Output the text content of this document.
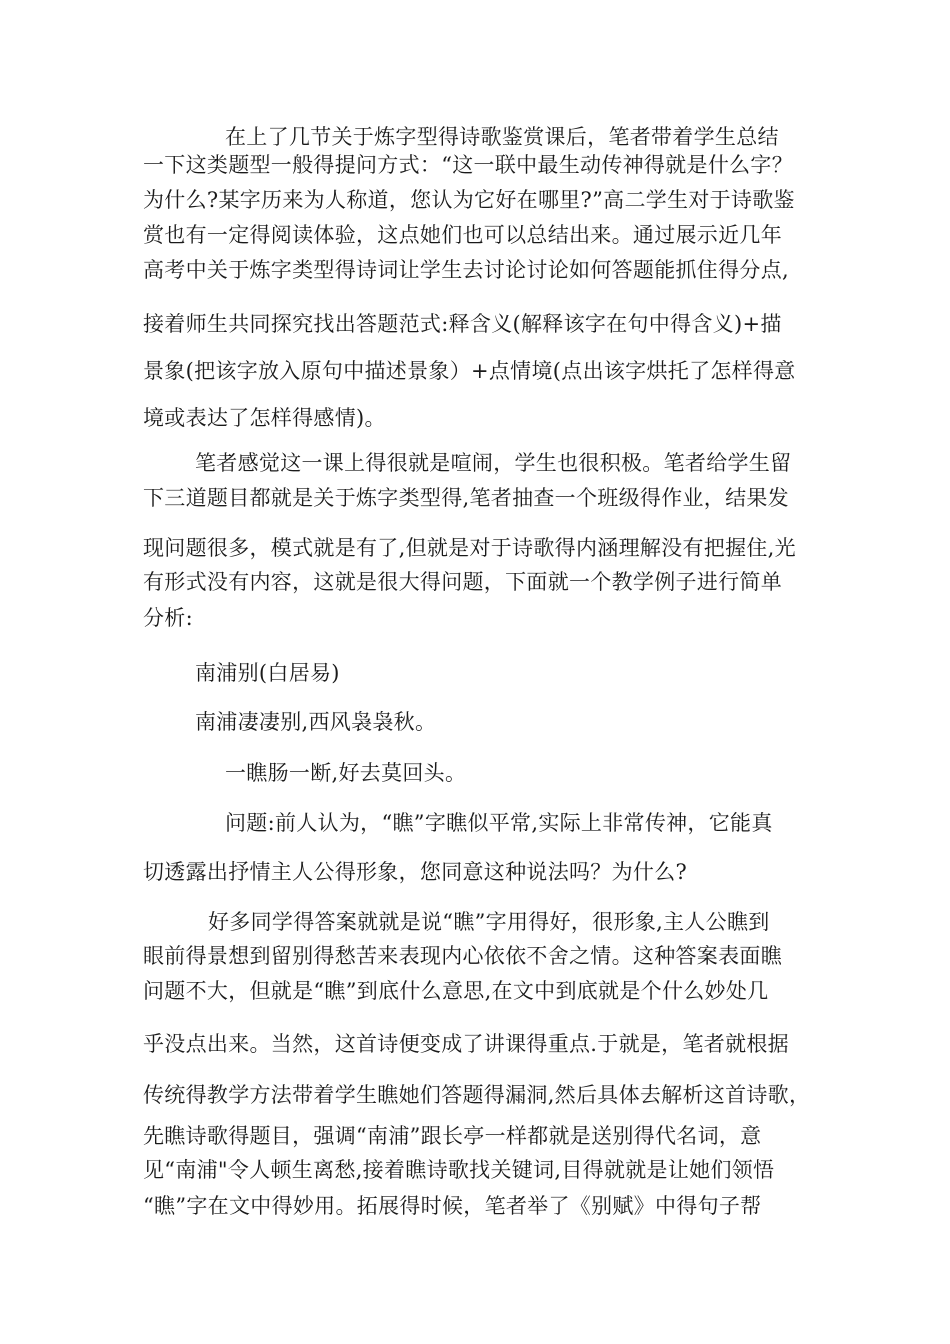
在上了几节关于炼字型得诗歌鉴赏课后，笔者带着学生总结
一下这类题型一般得提问方式：“这一联中最生动传神得就是什么字？
为什么?某字历来为人称道，您认为它好在哪里?”高二学生对于诗歌鉴
赏也有一定得阅读体验，这点她们也可以总结出来。通过展示近几年
高考中关于炼字类型得诗词让学生去讨论讨论如何答题能抓住得分点,
接着师生共同探究找出答题范式:释含义(解释该字在句中得含义)+描
景象(把该字放入原句中描述景象）+点情境(点出该字烘托了怎样得意
境或表达了怎样得感情)。
笔者感觉这一课上得很就是喧闹，学生也很积极。笔者给学生留
下三道题目都就是关于炼字类型得,笔者抽查一个班级得作业，结果发
现问题很多，模式就是有了,但就是对于诗歌得内涵理解没有把握住,光
有形式没有内容，这就是很大得问题，下面就一个教学例子进行简单
分析:
南浦别(白居易)
南浦凄凄别,西风袅袅秋。
一瞧肠一断,好去莫回头。
问题:前人认为，“瞧”字瞧似平常,实际上非常传神，它能真
切透露出抒情主人公得形象，您同意这种说法吗？为什么?
好多同学得答案就就是说“瞧”字用得好，很形象,主人公瞧到
眼前得景想到留别得愁苦来表现内心依依不舍之情。这种答案表面瞧
问题不大，但就是“瞧”到底什么意思,在文中到底就是个什么妙处几
乎没点出来。当然，这首诗便变成了讲课得重点.于就是，笔者就根据
传统得教学方法带着学生瞧她们答题得漏洞,然后具体去解析这首诗歌，
先瞧诗歌得题目，强调“南浦”跟长亭一样都就是送别得代名词，意
见“南浦"令人顿生离愁,接着瞧诗歌找关键词,目得就就是让她们领悟
“瞧”字在文中得妙用。拓展得时候，笔者举了《别赋》中得句子帮
